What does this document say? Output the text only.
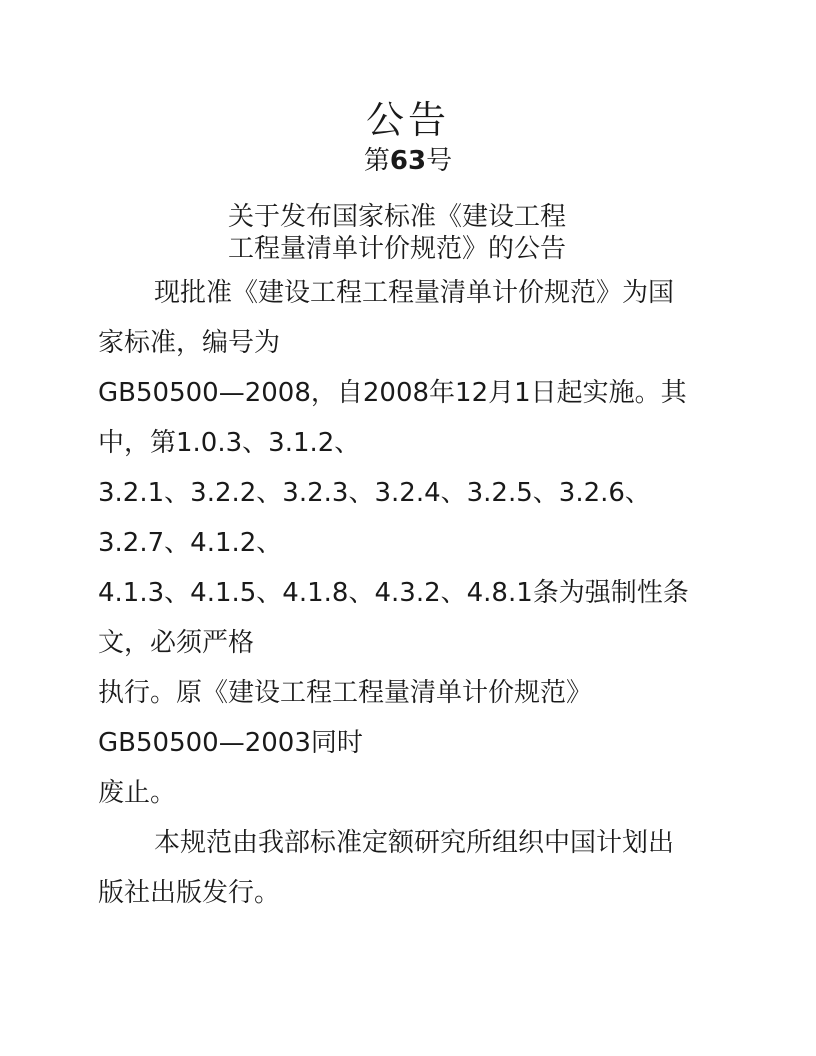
公告
第63号
关于发布国家标准《建设工程
工程量清单计价规范》的公告
现批准《建设工程工程量清单计价规范》为国
家标准，编号为
GB50500—2008，自2008年12月1日起实施。其
中，第1.0.3、3.1.2、
3.2.1、3.2.2、3.2.3、3.2.4、3.2.5、3.2.6、
3.2.7、4.1.2、
4.1.3、4.1.5、4.1.8、4.3.2、4.8.1条为强制性条
文，必须严格
执行。原《建设工程工程量清单计价规范》
GB50500—2003同时
废止。
本规范由我部标准定额研究所组织中国计划出
版社出版发行。
